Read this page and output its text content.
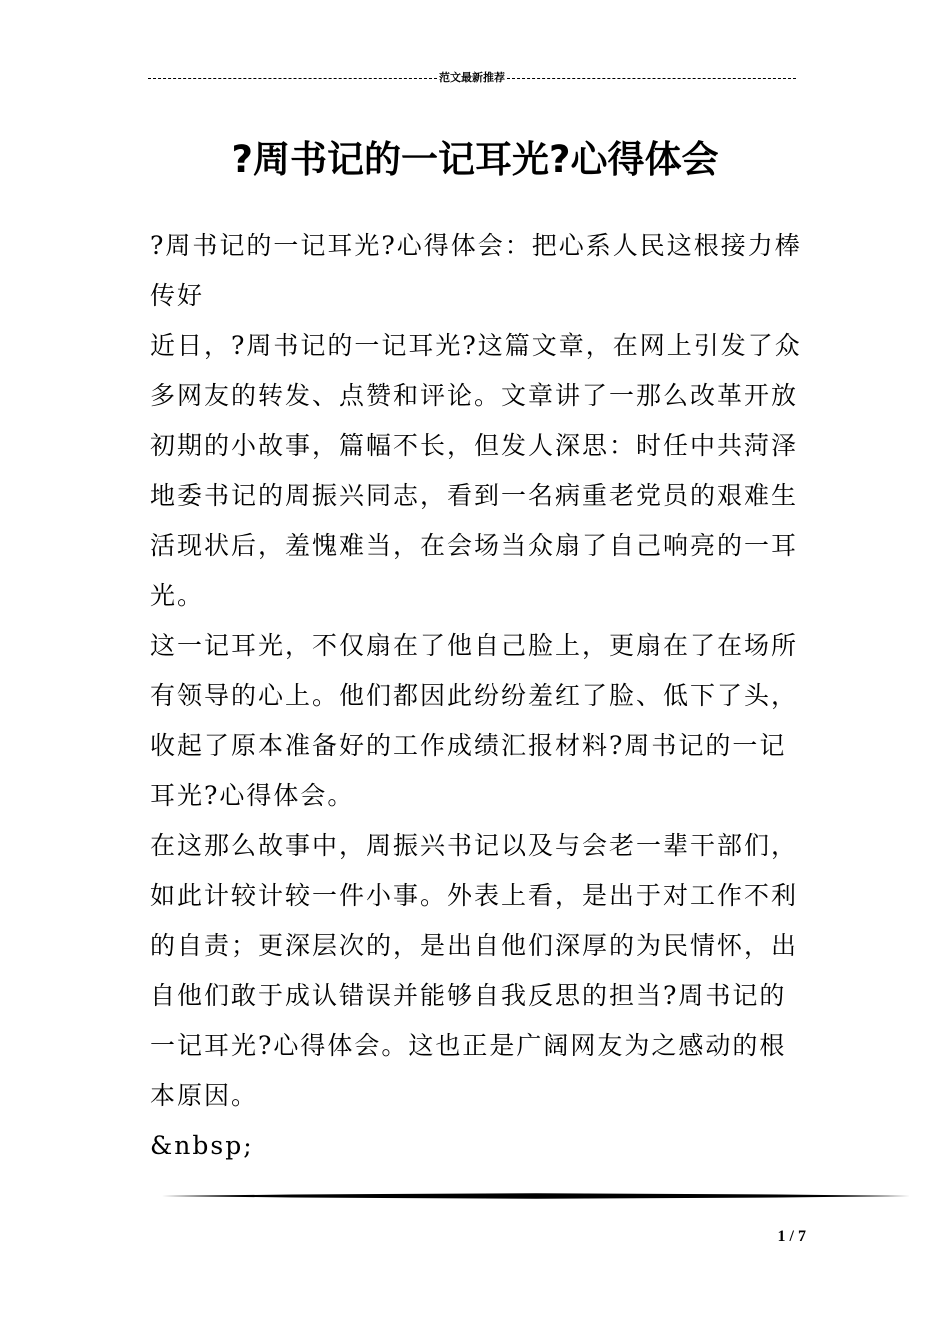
范文最新推荐
?周书记的一记耳光?心得体会

?周书记的一记耳光?心得体会：把心系人民这根接力棒传好

近日，?周书记的一记耳光?这篇文章，在网上引发了众多网友的转发、点赞和评论。文章讲了一那么改革开放初期的小故事，篇幅不长，但发人深思：时任中共菏泽地委书记的周振兴同志，看到一名病重老党员的艰难生活现状后，羞愧难当，在会场当众扇了自己响亮的一耳光。

这一记耳光，不仅扇在了他自己脸上，更扇在了在场所有领导的心上。他们都因此纷纷羞红了脸、低下了头，收起了原本准备好的工作成绩汇报材料?周书记的一记耳光?心得体会。

在这那么故事中，周振兴书记以及与会老一辈干部们，如此计较计较一件小事。外表上看，是出于对工作不利的自责；更深层次的，是出自他们深厚的为民情怀，出自他们敢于成认错误并能够自我反思的担当?周书记的一记耳光?心得体会。这也正是广阔网友为之感动的根本原因。

&nbsp;

1 / 7
